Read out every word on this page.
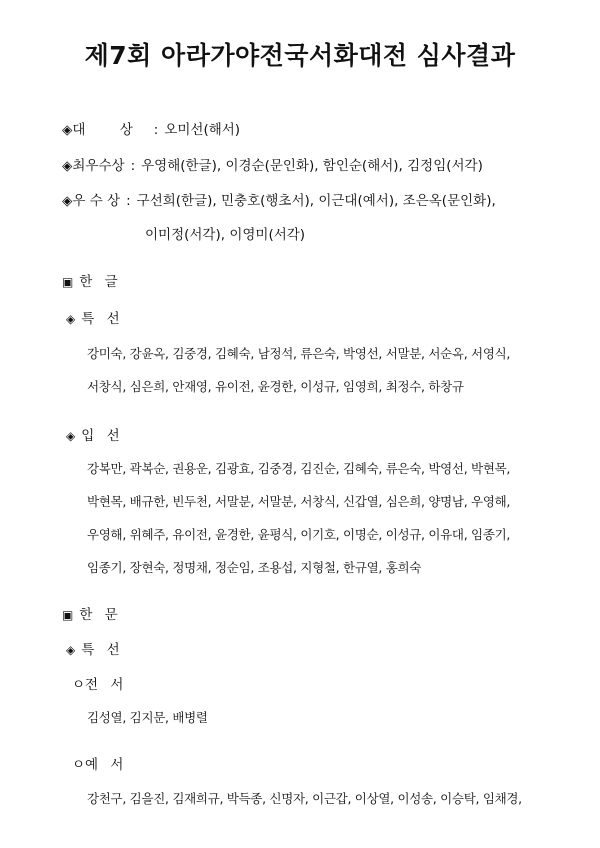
제7회 아라가야전국서화대전 심사결과
◈대 상 : 오미선(해서)
◈최우수상 : 우영해(한글), 이경순(문인화), 함인순(해서), 김정임(서각)
◈우 수 상 : 구선희(한글), 민충호(행초서), 이근대(예서), 조은옥(문인화),
이미정(서각), 이영미(서각)
▣ 한 글
◈ 특 선
강미숙, 강윤옥, 김중경, 김혜숙, 남정석, 류은숙, 박영선, 서말분, 서순옥, 서영식,
서창식, 심은희, 안재영, 유이전, 윤경한, 이성규, 임영희, 최정수, 하창규
◈ 입 선
강복만, 곽복순, 권용운, 김광효, 김중경, 김진순, 김혜숙, 류은숙, 박영선, 박현목,
박현목, 배규한, 빈두천, 서말분, 서말분, 서창식, 신갑열, 심은희, 양명남, 우영해,
우영해, 위혜주, 유이전, 윤경한, 윤평식, 이기호, 이명순, 이성규, 이유대, 임종기,
임종기, 장현숙, 정명채, 정순임, 조용섭, 지형철, 한규열, 홍희숙
▣ 한 문
◈ 특 선
ㅇ전 서
김성열, 김지문, 배병렬
ㅇ예 서
강천구, 김을진, 김재희규, 박득종, 신명자, 이근갑, 이상열, 이성송, 이승탁, 임채경,
